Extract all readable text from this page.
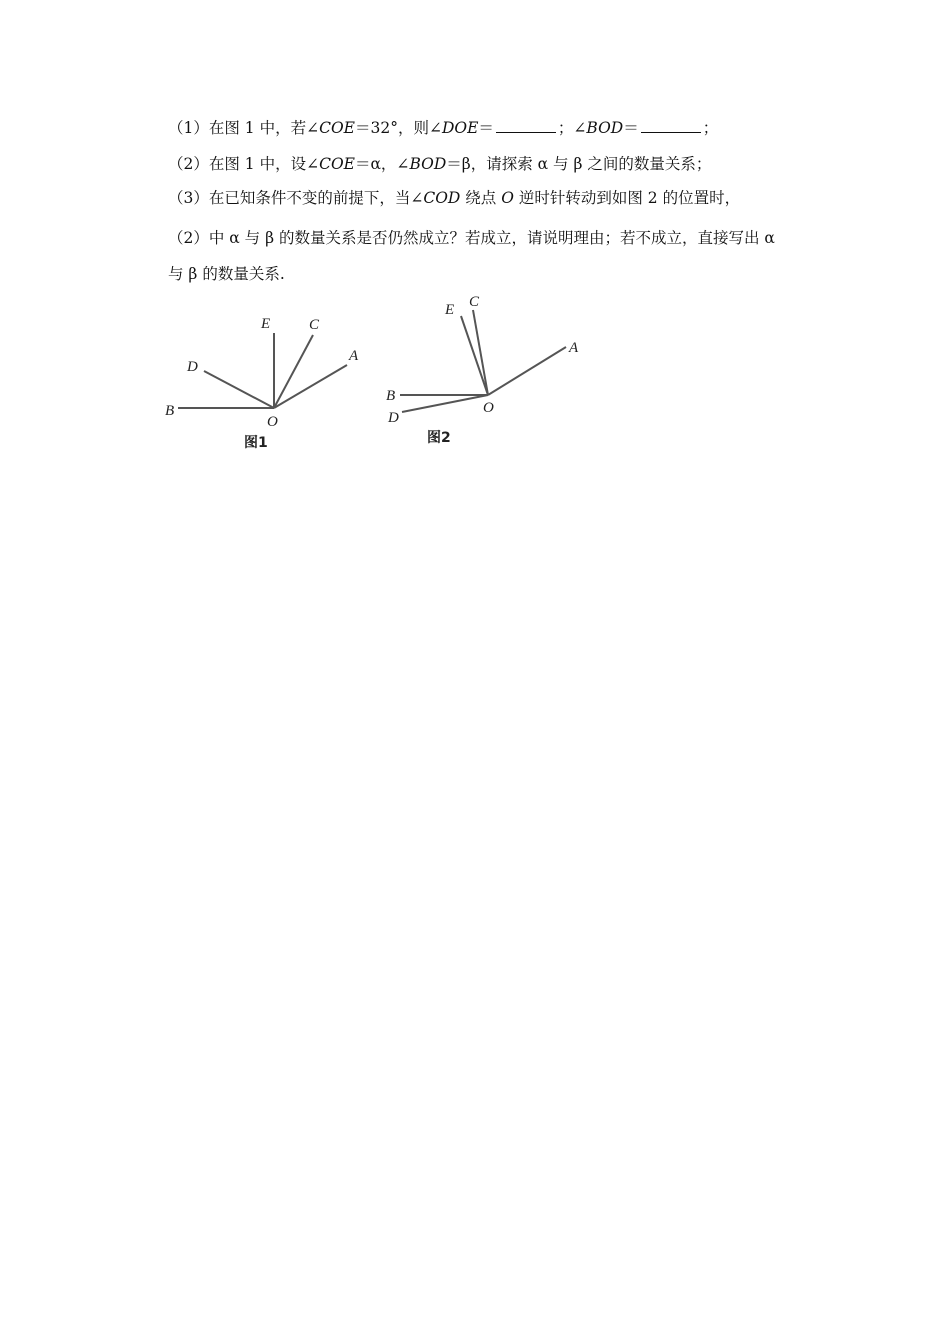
（1）在图 1 中，若∠COE＝32°，则∠DOE＝	；∠BOD＝	；
（2）在图 1 中，设∠COE＝α，∠BOD＝β，请探索 α 与 β 之间的数量关系；
（3）在已知条件不变的前提下，当∠COD 绕点 O 逆时针转动到如图 2 的位置时，
（2）中 α 与 β 的数量关系是否仍然成立？若成立，请说明理由；若不成立，直接写出 α
与 β 的数量关系.
E	C
D
A
B
O
图1
E C
A
B
D
O
图2
